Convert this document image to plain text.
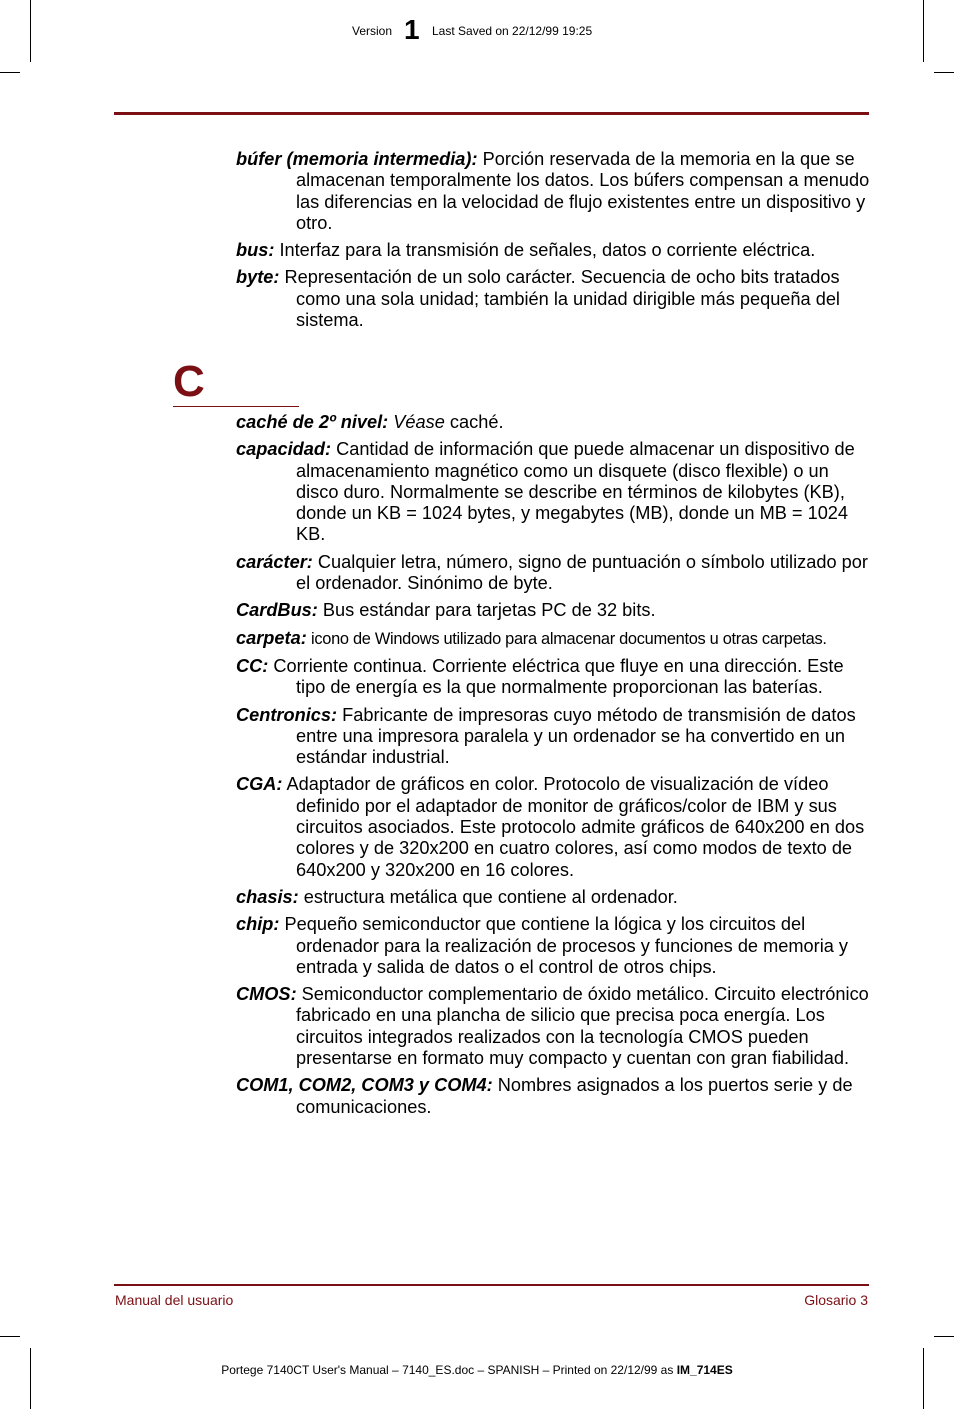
Version 1 Last Saved on 22/12/99 19:25

búfer (memoria intermedia): Porción reservada de la memoria en la que se almacenan temporalmente los datos. Los búfers compensan a menudo las diferencias en la velocidad de flujo existentes entre un dispositivo y otro.

bus: Interfaz para la transmisión de señales, datos o corriente eléctrica.

byte: Representación de un solo carácter. Secuencia de ocho bits tratados como una sola unidad; también la unidad dirigible más pequeña del sistema.

C

caché de 2º nivel: Véase caché.

capacidad: Cantidad de información que puede almacenar un dispositivo de almacenamiento magnético como un disquete (disco flexible) o un disco duro. Normalmente se describe en términos de kilobytes (KB), donde un KB = 1024 bytes, y megabytes (MB), donde un MB = 1024 KB.

carácter: Cualquier letra, número, signo de puntuación o símbolo utilizado por el ordenador. Sinónimo de byte.

CardBus: Bus estándar para tarjetas PC de 32 bits.

carpeta: icono de Windows utilizado para almacenar documentos u otras carpetas.

CC: Corriente continua. Corriente eléctrica que fluye en una dirección. Este tipo de energía es la que normalmente proporcionan las baterías.

Centronics: Fabricante de impresoras cuyo método de transmisión de datos entre una impresora paralela y un ordenador se ha convertido en un estándar industrial.

CGA: Adaptador de gráficos en color. Protocolo de visualización de vídeo definido por el adaptador de monitor de gráficos/color de IBM y sus circuitos asociados. Este protocolo admite gráficos de 640x200 en dos colores y de 320x200 en cuatro colores, así como modos de texto de 640x200 y 320x200 en 16 colores.

chasis: estructura metálica que contiene al ordenador.

chip: Pequeño semiconductor que contiene la lógica y los circuitos del ordenador para la realización de procesos y funciones de memoria y entrada y salida de datos o el control de otros chips.

CMOS: Semiconductor complementario de óxido metálico. Circuito electrónico fabricado en una plancha de silicio que precisa poca energía. Los circuitos integrados realizados con la tecnología CMOS pueden presentarse en formato muy compacto y cuentan con gran fiabilidad.

COM1, COM2, COM3 y COM4: Nombres asignados a los puertos serie y de comunicaciones.

Manual del usuario	Glosario 3
Portege 7140CT User's Manual – 7140_ES.doc – SPANISH – Printed on 22/12/99 as IM_714ES
